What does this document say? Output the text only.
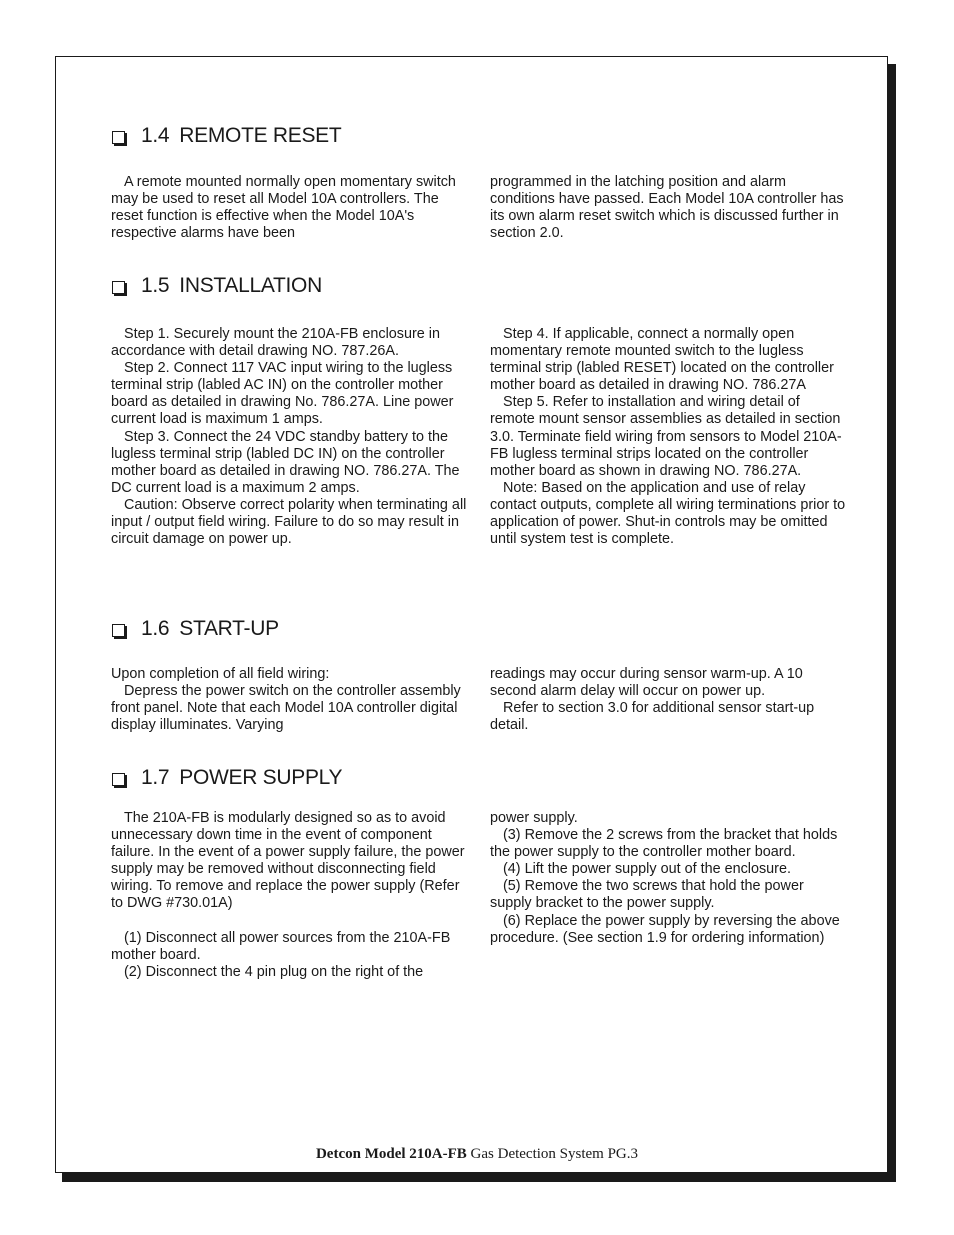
1.4 REMOTE RESET

A remote mounted normally open momentary switch may be used to reset all Model 10A controllers. The reset function is effective when the Model 10A's respective alarms have been

programmed in the latching position and alarm conditions have passed. Each Model 10A controller has its own alarm reset switch which is discussed further in section 2.0.

1.5 INSTALLATION

Step 1. Securely mount the 210A-FB enclosure in accordance with detail drawing NO. 787.26A.

Step 2. Connect 117 VAC input wiring to the lugless terminal strip (labled AC IN) on the controller mother board as detailed in drawing No. 786.27A. Line power current load is maximum 1 amps.

Step 3. Connect the 24 VDC standby battery to the lugless terminal strip (labled DC IN) on the controller mother board as detailed in drawing NO. 786.27A. The DC current load is a maximum 2 amps.

Caution: Observe correct polarity when terminating all input / output field wiring. Failure to do so may result in circuit damage on power up.

Step 4. If applicable, connect a normally open momentary remote mounted switch to the lugless terminal strip (labled RESET) located on the controller mother board as detailed in drawing NO. 786.27A

Step 5. Refer to installation and wiring detail of remote mount sensor assemblies as detailed in section 3.0. Terminate field wiring from sensors to Model 210A-FB lugless terminal strips located on the controller mother board as shown in drawing NO. 786.27A.

Note: Based on the application and use of relay contact outputs, complete all wiring terminations prior to application of power. Shut-in controls may be omitted until system test is complete.

1.6 START-UP

Upon completion of all field wiring:

Depress the power switch on the controller assembly front panel. Note that each Model 10A controller digital display illuminates. Varying

readings may occur during sensor warm-up. A 10 second alarm delay will occur on power up.

Refer to section 3.0 for additional sensor start-up detail.

1.7 POWER SUPPLY

The 210A-FB is modularly designed so as to avoid unnecessary down time in the event of component failure. In the event of a power supply failure, the power supply may be removed without disconnecting field wiring. To remove and replace the power supply (Refer to DWG #730.01A)

(1) Disconnect all power sources from the 210A-FB mother board.

(2) Disconnect the 4 pin plug on the right of the

power supply.

(3) Remove the 2 screws from the bracket that holds the power supply to the controller mother board.

(4) Lift the power supply out of the enclosure.

(5) Remove the two screws that hold the power supply bracket to the power supply.

(6) Replace the power supply by reversing the above procedure. (See section 1.9 for ordering information)

Detcon Model 210A-FB Gas Detection System PG.3
